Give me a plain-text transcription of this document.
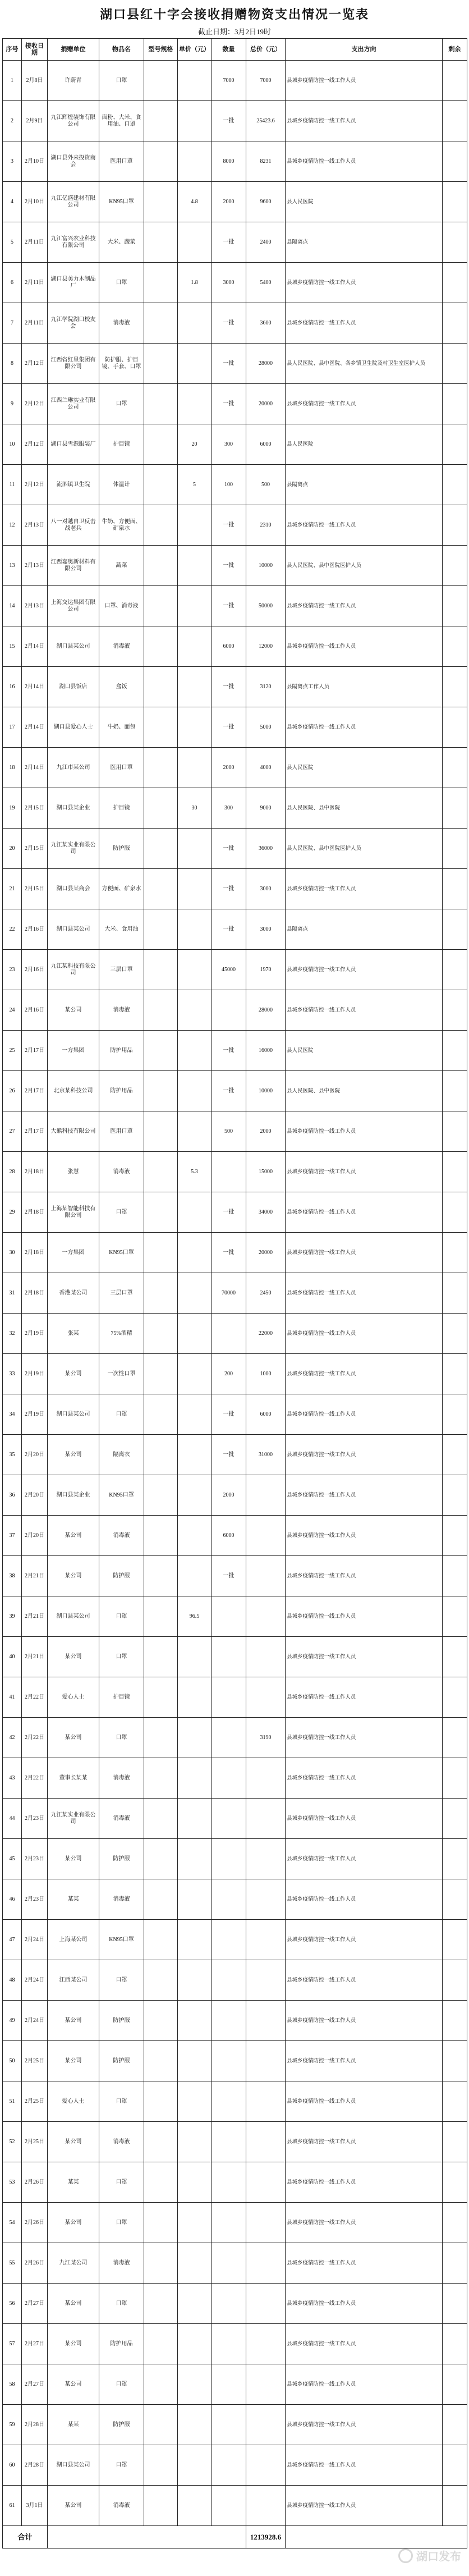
湖口县红十字会接收捐赠物资支出情况一览表
截止日期：3月2日19时
序号	接收日期	捐赠单位	物品名	型号规格	单价（元）	数量	总价（元）	支出方向	剩余
1	2月8日	许蔚青	口罩			7000	7000	县城乡疫情防控一线工作人员	
2	2月9日	九江辉煌装饰有限公司	面粉、大米、食用油、口罩			一批	25423.6	县城乡疫情防控一线工作人员	
3	2月10日	湖口县外来投资商会	医用口罩			8000	8231	县城乡疫情防控一线工作人员	
4	2月10日	九江亿盛建材有限公司	KN95口罩		4.8	2000	9600	县人民医院	
5	2月11日	九江富兴农业科技有限公司	大米、蔬菜			一批	2400	县隔离点	
6	2月11日	湖口县美力木制品厂	口罩		1.8	3000	5400	县城乡疫情防控一线工作人员	
7	2月11日	九江学院湖口校友会	消毒液			一批	3600	县城乡疫情防控一线工作人员	
8	2月12日	江西省红星集团有限公司	防护服、护目镜、手套、口罩			一批	28000	县人民医院、县中医院、各乡镇卫生院及村卫生室医护人员	
9	2月12日	江西兰琳实业有限公司	口罩			一批	20000	县城乡疫情防控一线工作人员	
10	2月12日	湖口县雪源服装厂	护目镜		20	300	6000	县人民医院	
11	2月12日	流泗镇卫生院	体温计		5	100	500	县隔离点	
12	2月13日	八一对越自卫反击战老兵	牛奶、方便面、矿泉水			一批	2310	县城乡疫情防控一线工作人员	
13	2月13日	江西嘉奥新材料有限公司	蔬菜			一批	10000	县人民医院、县中医院医护人员	
14	2月13日	上海交达集团有限公司	口罩、消毒液			一批	50000	县城乡疫情防控一线工作人员	
15	2月14日	湖口县某公司	消毒液			6000	12000	县城乡疫情防控一线工作人员	
16	2月14日	湖口县饭店	盒饭			一批	3120	县隔离点工作人员	
17	2月14日	湖口县爱心人士	牛奶、面包			一批	5000	县城乡疫情防控一线工作人员	
18	2月14日	九江市某公司	医用口罩			2000	4000	县人民医院	
19	2月15日	湖口县某企业	护目镜		30	300	9000	县人民医院、县中医院	
20	2月15日	九江某实业有限公司	防护服			一批	36000	县人民医院、县中医院医护人员	
21	2月15日	湖口县某商会	方便面、矿泉水			一批	3000	县城乡疫情防控一线工作人员	
22	2月16日	湖口县某公司	大米、食用油			一批	3000	县隔离点	
23	2月16日	九江某科技有限公司	三层口罩			45000	1970	县城乡疫情防控一线工作人员	
24	2月16日	某公司	消毒液				28000	县城乡疫情防控一线工作人员	
25	2月17日	一方集团	防护用品			一批	16000	县人民医院	
26	2月17日	北京某科技公司	防护用品			一批	10000	县人民医院、县中医院	
27	2月17日	大熊科技有限公司	医用口罩			500	2000	县城乡疫情防控一线工作人员	
28	2月18日	张慧	消毒液		5.3		15000	县城乡疫情防控一线工作人员	
29	2月18日	上海某智能科技有限公司	口罩			一批	34000	县城乡疫情防控一线工作人员	
30	2月18日	一方集团	KN95口罩			一批	20000	县城乡疫情防控一线工作人员	
31	2月18日	香港某公司	三层口罩			70000	2450	县城乡疫情防控一线工作人员	
32	2月19日	张某	75%酒精				22000	县城乡疫情防控一线工作人员	
33	2月19日	某公司	一次性口罩			200	1000	县城乡疫情防控一线工作人员	
34	2月19日	湖口县某公司	口罩			一批	6000	县城乡疫情防控一线工作人员	
35	2月20日	某公司	隔离衣			一批	31000	县城乡疫情防控一线工作人员	
36	2月20日	湖口县某企业	KN95口罩			2000		县城乡疫情防控一线工作人员	
37	2月20日	某公司	消毒液			6000		县城乡疫情防控一线工作人员	
38	2月21日	某公司	防护服			一批		县城乡疫情防控一线工作人员	
39	2月21日	湖口县某公司	口罩		96.5			县城乡疫情防控一线工作人员	
40	2月21日	某公司	口罩					县城乡疫情防控一线工作人员	
41	2月22日	爱心人士	护目镜					县城乡疫情防控一线工作人员	
42	2月22日	某公司	口罩				3190	县城乡疫情防控一线工作人员	
43	2月22日	董事长某某	消毒液					县城乡疫情防控一线工作人员	
44	2月23日	九江某实业有限公司	消毒液					县城乡疫情防控一线工作人员	
45	2月23日	某公司	防护服					县城乡疫情防控一线工作人员	
46	2月23日	某某	消毒液					县城乡疫情防控一线工作人员	
47	2月24日	上海某公司	KN95口罩					县城乡疫情防控一线工作人员	
48	2月24日	江西某公司	口罩					县城乡疫情防控一线工作人员	
49	2月24日	某公司	防护服					县城乡疫情防控一线工作人员	
50	2月25日	某公司	防护服					县城乡疫情防控一线工作人员	
51	2月25日	爱心人士	口罩					县城乡疫情防控一线工作人员	
52	2月25日	某公司	消毒液					县城乡疫情防控一线工作人员	
53	2月26日	某某	口罩					县城乡疫情防控一线工作人员	
54	2月26日	某公司	口罩					县城乡疫情防控一线工作人员	
55	2月26日	九江某公司	消毒液					县城乡疫情防控一线工作人员	
56	2月27日	某公司	口罩					县城乡疫情防控一线工作人员	
57	2月27日	某公司	防护用品					县城乡疫情防控一线工作人员	
58	2月27日	某公司	口罩					县城乡疫情防控一线工作人员	
59	2月28日	某某	防护服					县城乡疫情防控一线工作人员	
60	2月28日	湖口县某公司	口罩					县城乡疫情防控一线工作人员	
61	3月1日	某公司	消毒液					县城乡疫情防控一线工作人员	
合计							1213928.6		
湖口发布
